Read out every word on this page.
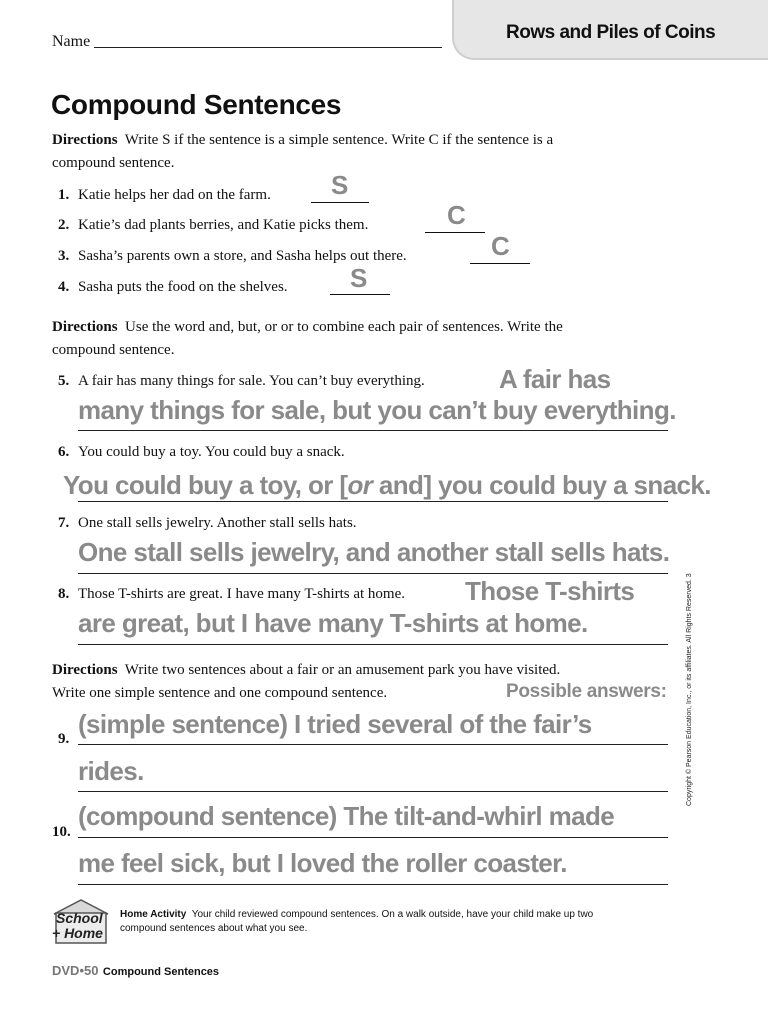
Name	Rows and Piles of Coins
Compound Sentences
Directions Write S if the sentence is a simple sentence. Write C if the sentence is a
compound sentence.
1. Katie helps her dad on the farm. S
2. Katie’s dad plants berries, and Katie picks them.	C
3. Sasha’s parents own a store, and Sasha helps out there.	C
4. Sasha puts the food on the shelves. S
Directions Use the word and, but, or or to combine each pair of sentences. Write the
compound sentence.
5. A fair has many things for sale. You can’t buy everything.	A fair has
many things for sale, but you can’t buy everything.
6. You could buy a toy. You could buy a snack.
You could buy a toy, or [or and] you could buy a snack.
7. One stall sells jewelry. Another stall sells hats.
One stall sells jewelry, and another stall sells hats.
8. Those T-shirts are great. I have many T-shirts at home. Those T-shirts
are great, but I have many T-shirts at home.
Directions Write two sentences about a fair or an amusement park you have visited.
Write one simple sentence and one compound sentence.	Possible answers:
9. (simple sentence) I tried several of the fair’s
rides.
10.
(compound sentence) The tilt-and-whirl made
me feel sick, but I loved the roller coaster.
Copyright © Pearson Education, Inc., or its affiliates. All Rights Reserved. 3
School
+ Home
Home Activity Your child reviewed compound sentences. On a walk outside, have your child make up two
compound sentences about what you see.
DVD•50 Compound Sentences
